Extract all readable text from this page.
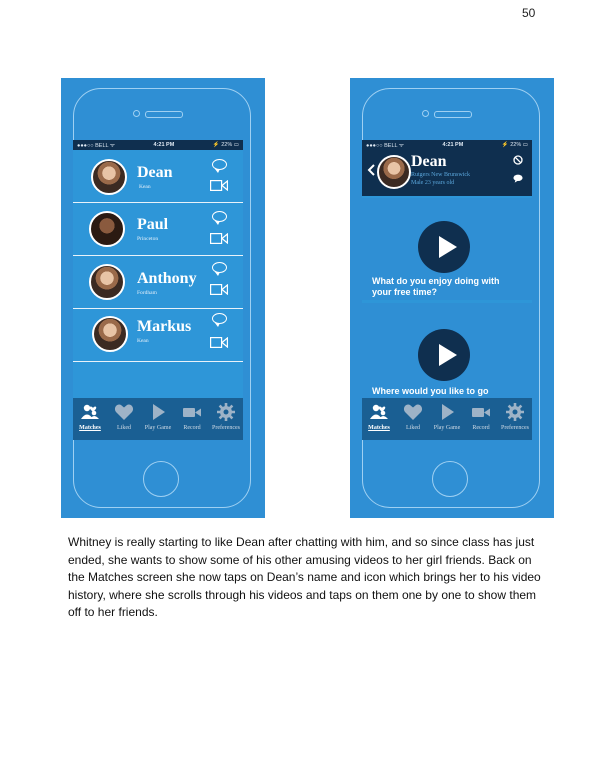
50
●●●○○ BELL ᯤ	4:21 PM	⚡ 22% ▭
Dean
Kean
Paul
Princeton
Anthony
Fordham
Markus
Kean
Matches	Liked Play Game Record Preferences
●●●○○ BELL ᯤ	4:21 PM	⚡ 22% ▭
Dean
Rutgers New Brunswick
Male 23 years old
What do you enjoy doing with your free time?
Where would you like to go
Matches	Liked Play Game Record Preferences

Whitney is really starting to like Dean after chatting with him, and so since class has just ended, she wants to show some of his other amusing videos to her girl friends. Back on the Matches screen she now taps on Dean’s name and icon which brings her to his video history, where she scrolls through his videos and taps on them one by one to show them off to her friends.
